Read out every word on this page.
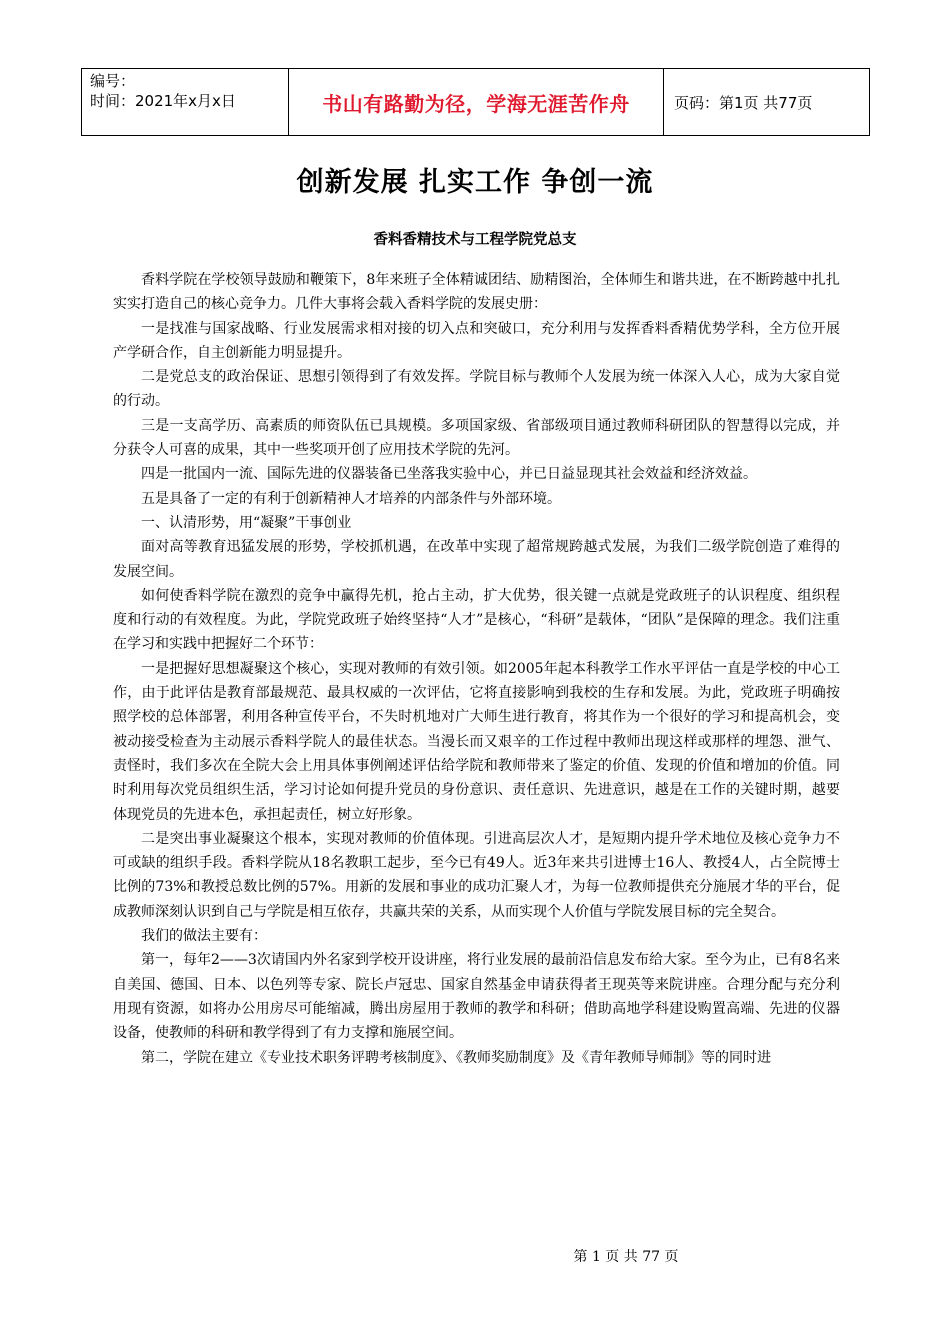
编号：
时间：2021年x月x日	书山有路勤为径，学海无涯苦作舟	页码：第1页 共77页
创新发展 扎实工作 争创一流
香料香精技术与工程学院党总支

香料学院在学校领导鼓励和鞭策下，8年来班子全体精诚团结、励精图治，全体师生和谐共进，在不断跨越中扎扎实实打造自己的核心竞争力。几件大事将会载入香料学院的发展史册：

一是找准与国家战略、行业发展需求相对接的切入点和突破口，充分利用与发挥香料香精优势学科，全方位开展产学研合作，自主创新能力明显提升。

二是党总支的政治保证、思想引领得到了有效发挥。学院目标与教师个人发展为统一体深入人心，成为大家自觉的行动。

三是一支高学历、高素质的师资队伍已具规模。多项国家级、省部级项目通过教师科研团队的智慧得以完成，并分获令人可喜的成果，其中一些奖项开创了应用技术学院的先河。

四是一批国内一流、国际先进的仪器装备已坐落我实验中心，并已日益显现其社会效益和经济效益。

五是具备了一定的有利于创新精神人才培养的内部条件与外部环境。

一、认清形势，用“凝聚”干事创业

面对高等教育迅猛发展的形势，学校抓机遇，在改革中实现了超常规跨越式发展，为我们二级学院创造了难得的发展空间。

如何使香料学院在激烈的竞争中赢得先机，抢占主动，扩大优势，很关键一点就是党政班子的认识程度、组织程度和行动的有效程度。为此，学院党政班子始终坚持“人才”是核心，“科研”是载体，“团队”是保障的理念。我们注重在学习和实践中把握好二个环节：

一是把握好思想凝聚这个核心，实现对教师的有效引领。如2005年起本科教学工作水平评估一直是学校的中心工作，由于此评估是教育部最规范、最具权威的一次评估，它将直接影响到我校的生存和发展。为此，党政班子明确按照学校的总体部署，利用各种宣传平台，不失时机地对广大师生进行教育，将其作为一个很好的学习和提高机会，变被动接受检查为主动展示香料学院人的最佳状态。当漫长而又艰辛的工作过程中教师出现这样或那样的埋怨、泄气、责怪时，我们多次在全院大会上用具体事例阐述评估给学院和教师带来了鉴定的价值、发现的价值和增加的价值。同时利用每次党员组织生活，学习讨论如何提升党员的身份意识、责任意识、先进意识，越是在工作的关键时期，越要体现党员的先进本色，承担起责任，树立好形象。

二是突出事业凝聚这个根本，实现对教师的价值体现。引进高层次人才，是短期内提升学术地位及核心竞争力不可或缺的组织手段。香料学院从18名教职工起步，至今已有49人。近3年来共引进博士16人、教授4人，占全院博士比例的73%和教授总数比例的57%。用新的发展和事业的成功汇聚人才，为每一位教师提供充分施展才华的平台，促成教师深刻认识到自己与学院是相互依存，共赢共荣的关系，从而实现个人价值与学院发展目标的完全契合。

我们的做法主要有：

第一，每年2——3次请国内外名家到学校开设讲座，将行业发展的最前沿信息发布给大家。至今为止，已有8名来自美国、德国、日本、以色列等专家、院长卢冠忠、国家自然基金申请获得者王现英等来院讲座。合理分配与充分利用现有资源，如将办公用房尽可能缩减，腾出房屋用于教师的教学和科研；借助高地学科建设购置高端、先进的仪器设备，使教师的科研和教学得到了有力支撑和施展空间。

第二，学院在建立《专业技术职务评聘考核制度》、《教师奖励制度》及《青年教师导师制》等的同时进

第 1 页 共 77 页
